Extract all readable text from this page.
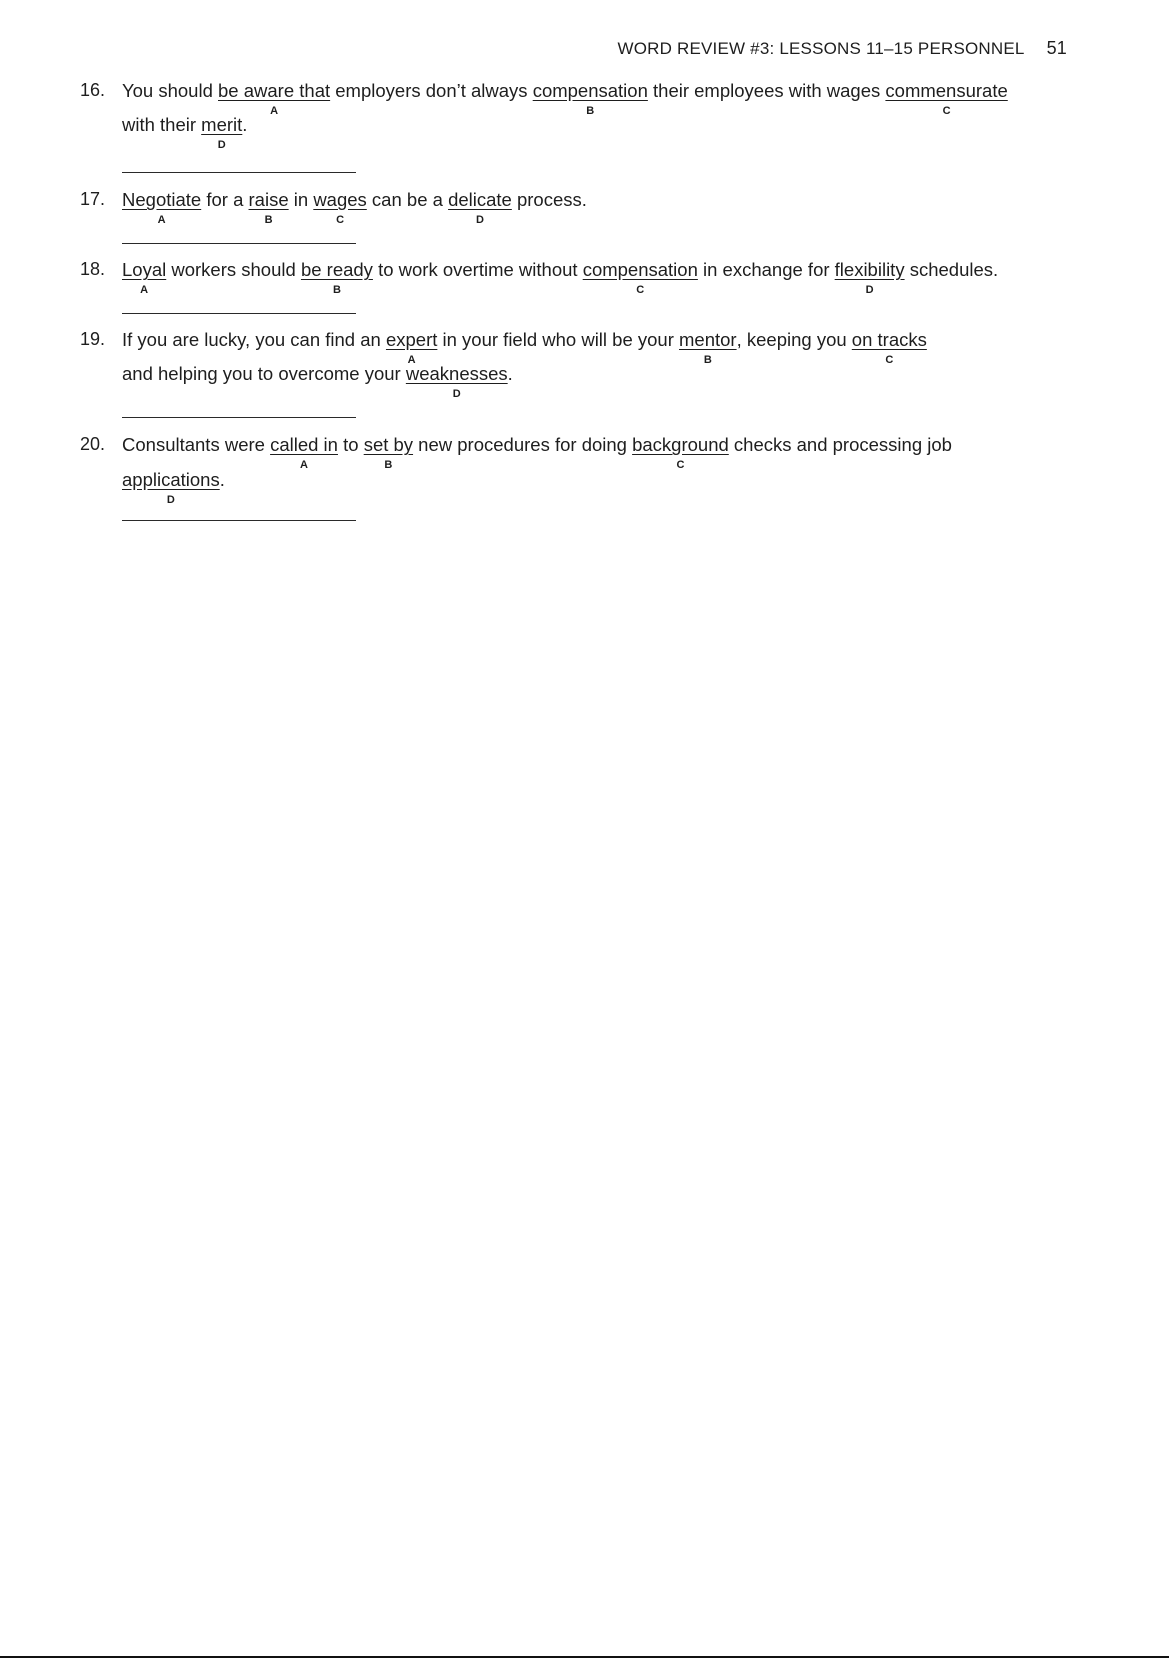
WORD REVIEW #3: LESSONS 11–15 PERSONNEL 51
16. You should be aware that
A
employers don’t always compensation
B
their employees with wages commensurate
C
with their merit
D
.
17. Negotiate
A
for a raise
B
in wages
C
can be a delicate
D
process.
18. Loyal
A
workers should be ready
B
to work overtime without compensation
C
in exchange for flexibility
D
schedules.
19. If you are lucky, you can find an expert
A
in your field who will be your mentor
B
, keeping you on tracks
C
and helping you to overcome your weaknesses
D
.
20. Consultants were called in
A
to set by
B
new procedures for doing background
C
checks and processing job
applications
D
.
